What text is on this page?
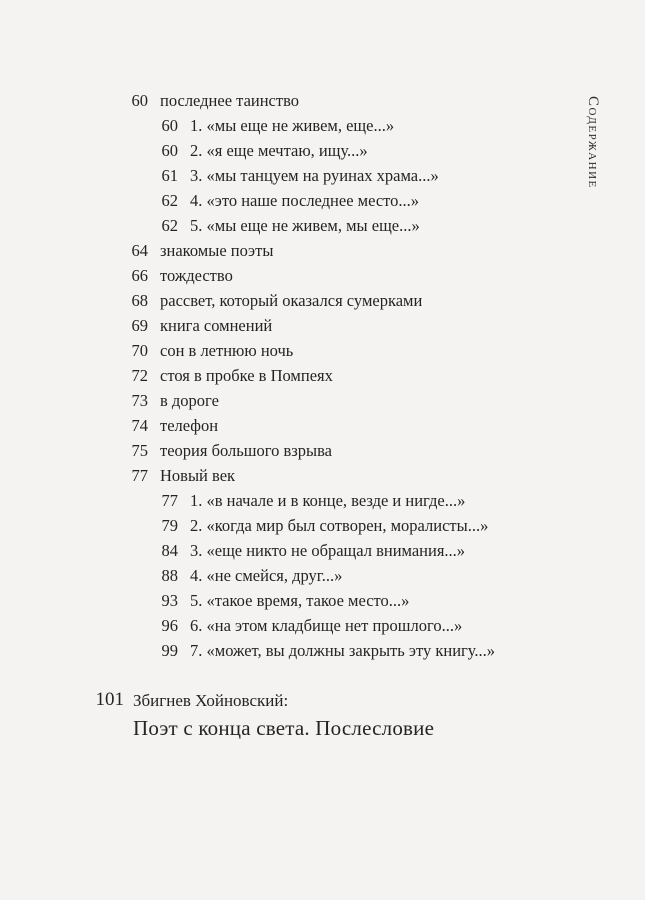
Содержание
60 последнее таинство
60 1. «мы еще не живем, еще...»
60 2. «я еще мечтаю, ищу...»
61 3. «мы танцуем на руинах храма...»
62 4. «это наше последнее место...»
62 5. «мы еще не живем, мы еще...»
64 знакомые поэты
66 тождество
68 рассвет, который оказался сумерками
69 книга сомнений
70 сон в летнюю ночь
72 стоя в пробке в Помпеях
73 в дороге
74 телефон
75 теория большого взрыва
77 Новый век
77 1. «в начале и в конце, везде и нигде...»
79 2. «когда мир был сотворен, моралисты...»
84 3. «еще никто не обращал внимания...»
88 4. «не смейся, друг...»
93 5. «такое время, такое место...»
96 6. «на этом кладбище нет прошлого...»
99 7. «может, вы должны закрыть эту книгу...»
101 Збигнев Хойновский:
Поэт с конца света. Послесловие
